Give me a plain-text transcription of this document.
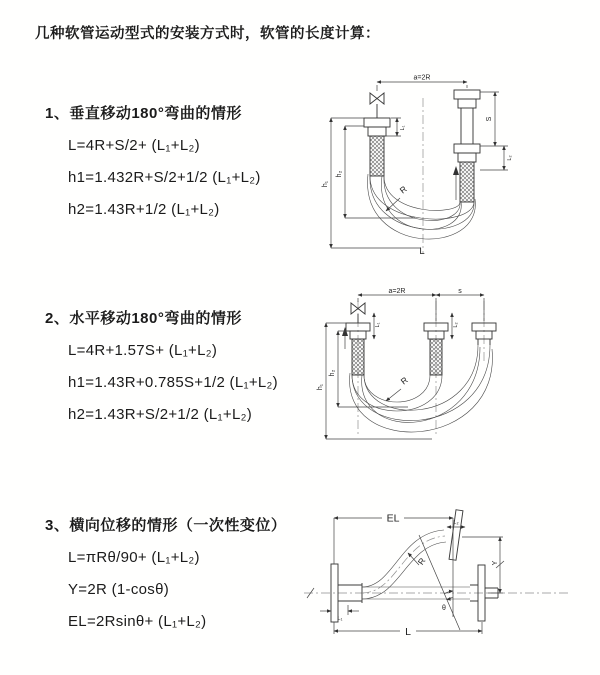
几种软管运动型式的安装方式时，软管的长度计算：
1、垂直移动180°弯曲的情形
L=4R+S/2+ (L₁+L₂)
h1=1.432R+S/2+1/2 (L₁+L₂)
h2=1.43R+1/2 (L₁+L₂)
2、水平移动180°弯曲的情形
L=4R+1.57S+ (L₁+L₂)
h1=1.43R+0.785S+1/2 (L₁+L₂)
h2=1.43R+S/2+1/2 (L₁+L₂)
3、横向位移的情形（一次性变位）
L=πRθ/90+ (L₁+L₂)
Y=2R (1-cosθ)
EL=2Rsinθ+ (L₁+L₂)
a=2R
h₁
h₂
L₁
S
L₂
R
L
a=2R	s
h₁
h₂
L₁	L₂
R
θ
EL	L₂
Y
L₁
L
R
